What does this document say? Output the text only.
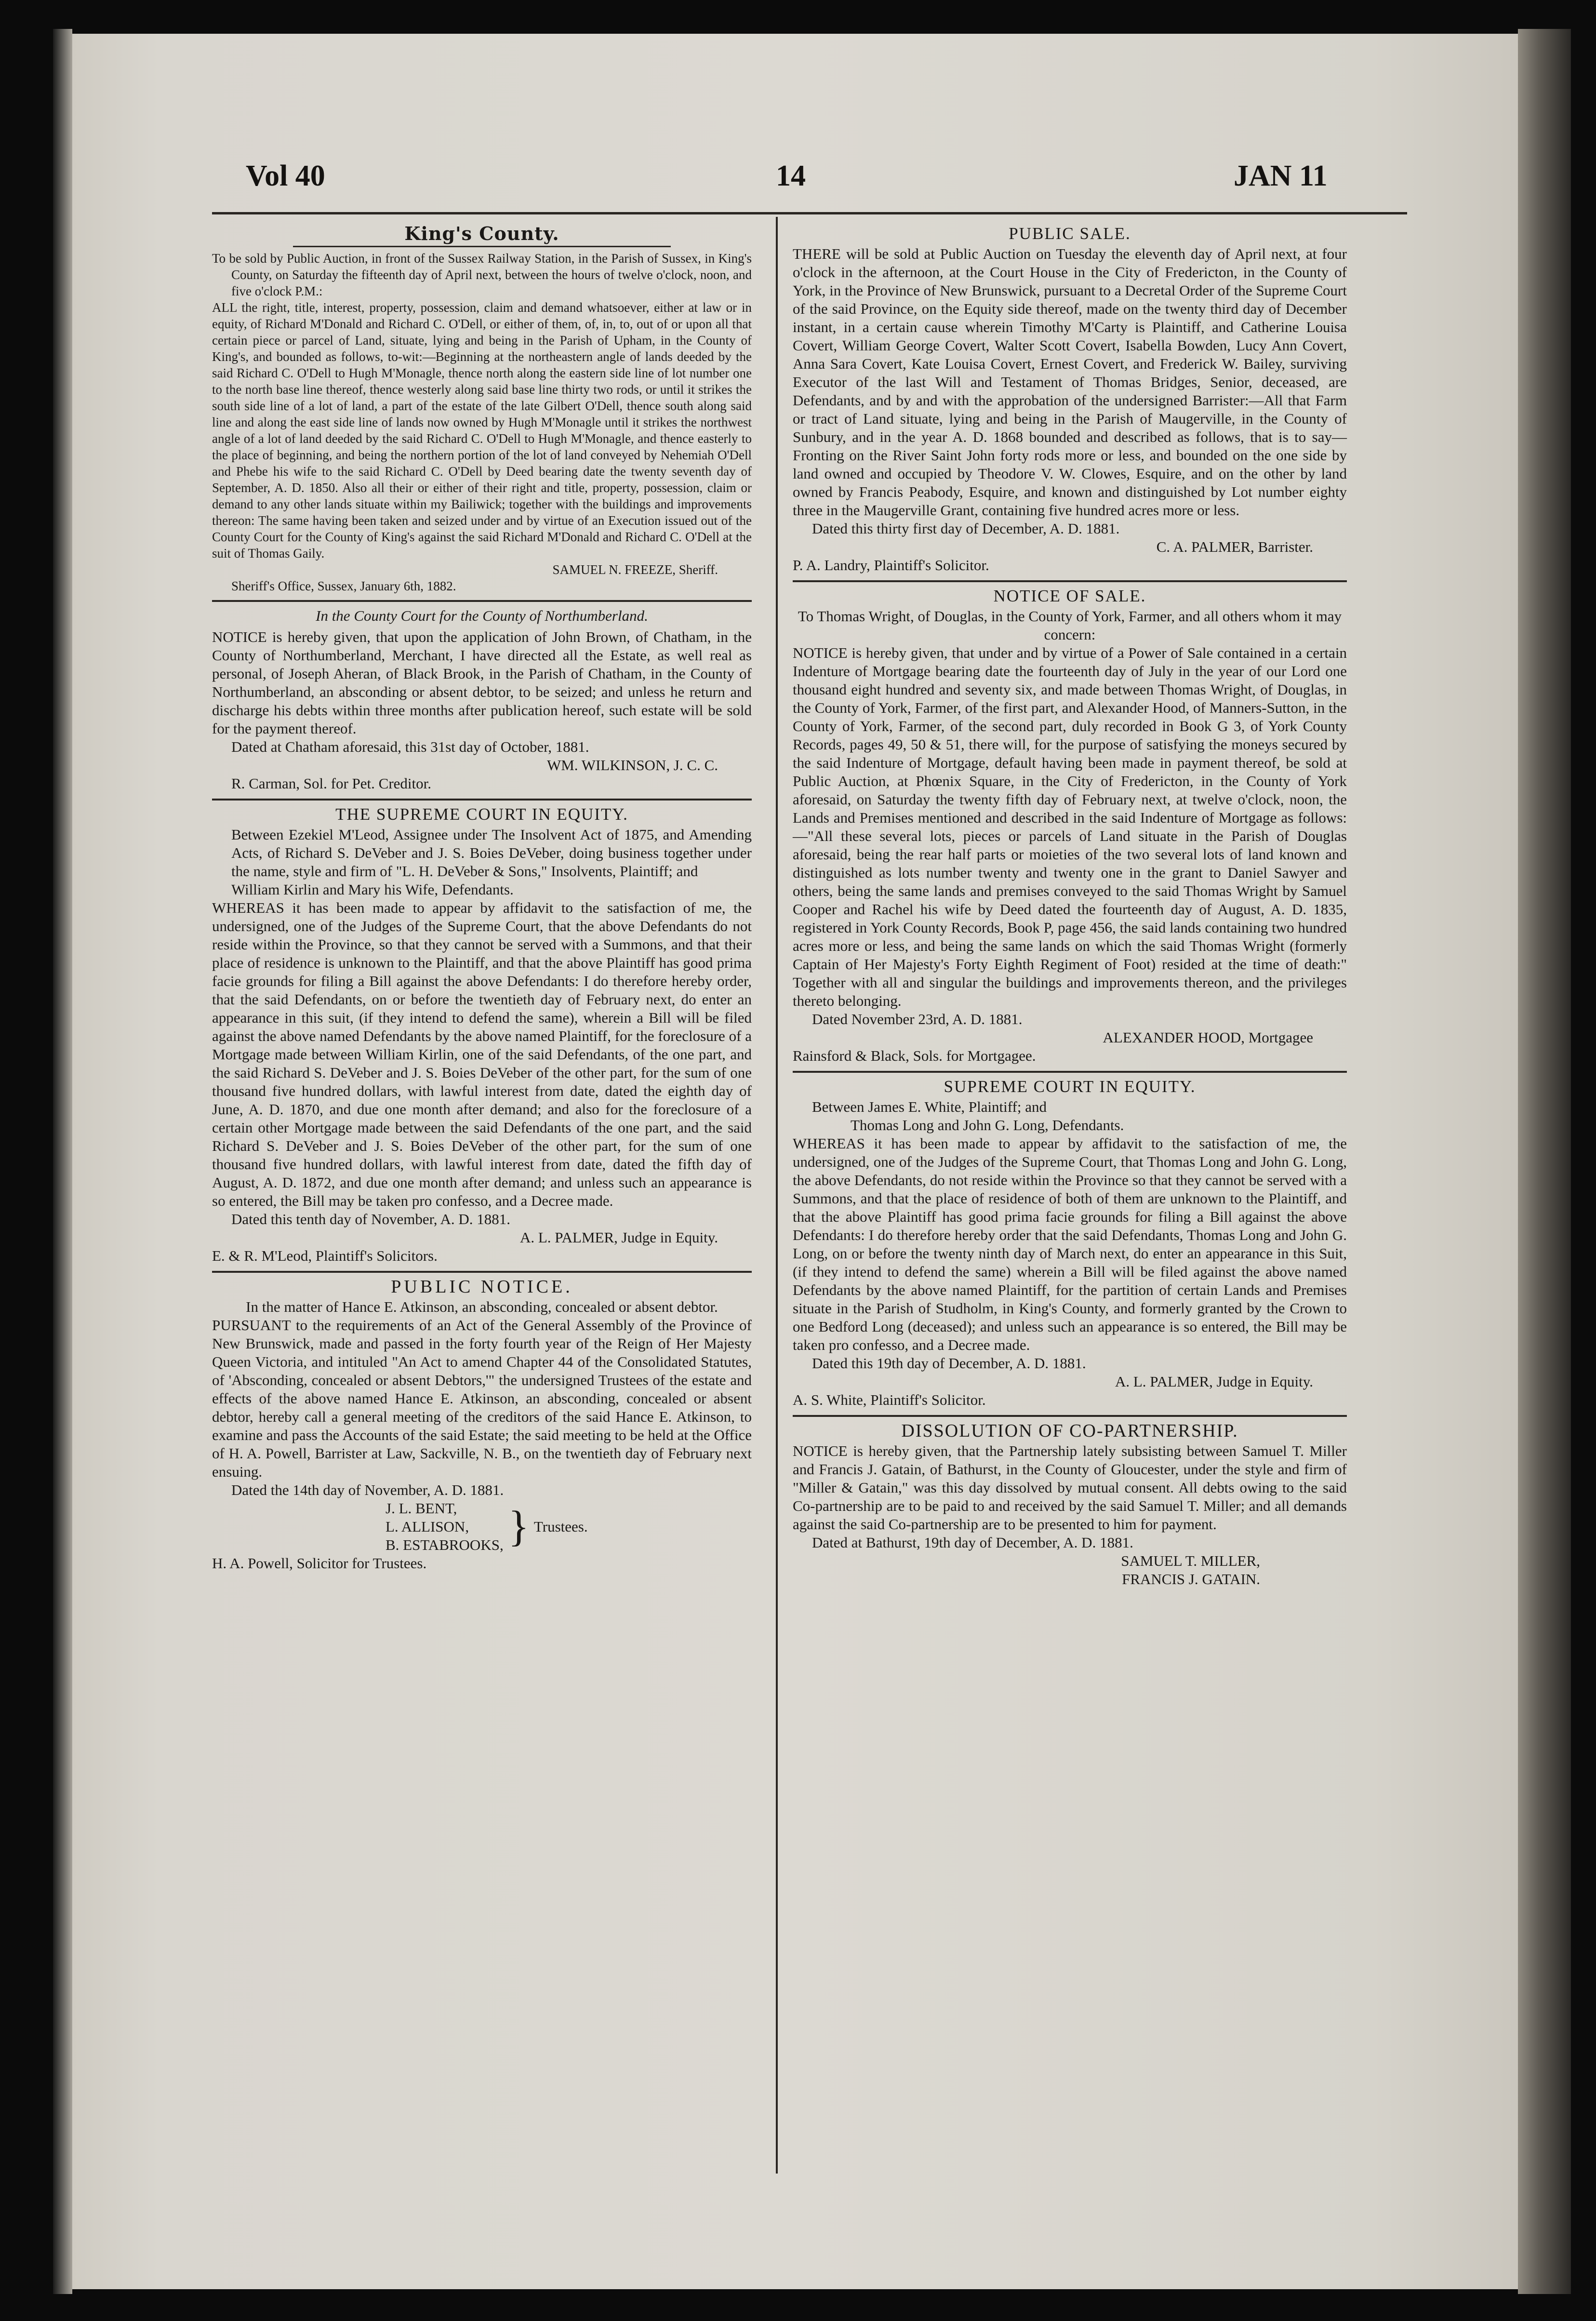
Vol 40	14	JAN 11
King's County.

To be sold by Public Auction, in front of the Sussex Railway Station, in the Parish of Sussex, in King's County, on Saturday the fifteenth day of April next, between the hours of twelve o'clock, noon, and five o'clock P.M.:

ALL the right, title, interest, property, possession, claim and demand whatsoever, either at law or in equity, of Richard M'Donald and Richard C. O'Dell, or either of them, of, in, to, out of or upon all that certain piece or parcel of Land, situate, lying and being in the Parish of Upham, in the County of King's, and bounded as follows, to-wit:—Beginning at the northeastern angle of lands deeded by the said Richard C. O'Dell to Hugh M'Monagle, thence north along the eastern side line of lot number one to the north base line thereof, thence westerly along said base line thirty two rods, or until it strikes the south side line of a lot of land, a part of the estate of the late Gilbert O'Dell, thence south along said line and along the east side line of lands now owned by Hugh M'Monagle until it strikes the northwest angle of a lot of land deeded by the said Richard C. O'Dell to Hugh M'Monagle, and thence easterly to the place of beginning, and being the northern portion of the lot of land conveyed by Nehemiah O'Dell and Phebe his wife to the said Richard C. O'Dell by Deed bearing date the twenty seventh day of September, A. D. 1850. Also all their or either of their right and title, property, possession, claim or demand to any other lands situate within my Bailiwick; together with the buildings and improvements thereon: The same having been taken and seized under and by virtue of an Execution issued out of the County Court for the County of King's against the said Richard M'Donald and Richard C. O'Dell at the suit of Thomas Gaily.

SAMUEL N. FREEZE, Sheriff.

Sheriff's Office, Sussex, January 6th, 1882.

In the County Court for the County of Northumberland.

NOTICE is hereby given, that upon the application of John Brown, of Chatham, in the County of Northumberland, Merchant, I have directed all the Estate, as well real as personal, of Joseph Aheran, of Black Brook, in the Parish of Chatham, in the County of Northumberland, an absconding or absent debtor, to be seized; and unless he return and discharge his debts within three months after publication hereof, such estate will be sold for the payment thereof.

Dated at Chatham aforesaid, this 31st day of October, 1881.

WM. WILKINSON, J. C. C.

R. Carman, Sol. for Pet. Creditor.

THE SUPREME COURT IN EQUITY.

Between Ezekiel M'Leod, Assignee under The Insolvent Act of 1875, and Amending Acts, of Richard S. DeVeber and J. S. Boies DeVeber, doing business together under the name, style and firm of "L. H. DeVeber & Sons," Insolvents, Plaintiff; and

William Kirlin and Mary his Wife, Defendants.

WHEREAS it has been made to appear by affidavit to the satisfaction of me, the undersigned, one of the Judges of the Supreme Court, that the above Defendants do not reside within the Province, so that they cannot be served with a Summons, and that their place of residence is unknown to the Plaintiff, and that the above Plaintiff has good prima facie grounds for filing a Bill against the above Defendants: I do therefore hereby order, that the said Defendants, on or before the twentieth day of February next, do enter an appearance in this suit, (if they intend to defend the same), wherein a Bill will be filed against the above named Defendants by the above named Plaintiff, for the foreclosure of a Mortgage made between William Kirlin, one of the said Defendants, of the one part, and the said Richard S. DeVeber and J. S. Boies DeVeber of the other part, for the sum of one thousand five hundred dollars, with lawful interest from date, dated the eighth day of June, A. D. 1870, and due one month after demand; and also for the foreclosure of a certain other Mortgage made between the said Defendants of the one part, and the said Richard S. DeVeber and J. S. Boies DeVeber of the other part, for the sum of one thousand five hundred dollars, with lawful interest from date, dated the fifth day of August, A. D. 1872, and due one month after demand; and unless such an appearance is so entered, the Bill may be taken pro confesso, and a Decree made.

Dated this tenth day of November, A. D. 1881.

A. L. PALMER, Judge in Equity.

E. & R. M'Leod, Plaintiff's Solicitors.

PUBLIC NOTICE.

In the matter of Hance E. Atkinson, an absconding, concealed or absent debtor.

PURSUANT to the requirements of an Act of the General Assembly of the Province of New Brunswick, made and passed in the forty fourth year of the Reign of Her Majesty Queen Victoria, and intituled "An Act to amend Chapter 44 of the Consolidated Statutes, of 'Absconding, concealed or absent Debtors,'" the undersigned Trustees of the estate and effects of the above named Hance E. Atkinson, an absconding, concealed or absent debtor, hereby call a general meeting of the creditors of the said Hance E. Atkinson, to examine and pass the Accounts of the said Estate; the said meeting to be held at the Office of H. A. Powell, Barrister at Law, Sackville, N. B., on the twentieth day of February next ensuing.

Dated the 14th day of November, A. D. 1881.

J. L. BENT,
L. ALLISON,
B. ESTABROOKS, } Trustees.

H. A. Powell, Solicitor for Trustees.

PUBLIC SALE.

THERE will be sold at Public Auction on Tuesday the eleventh day of April next, at four o'clock in the afternoon, at the Court House in the City of Fredericton, in the County of York, in the Province of New Brunswick, pursuant to a Decretal Order of the Supreme Court of the said Province, on the Equity side thereof, made on the twenty third day of December instant, in a certain cause wherein Timothy M'Carty is Plaintiff, and Catherine Louisa Covert, William George Covert, Walter Scott Covert, Isabella Bowden, Lucy Ann Covert, Anna Sara Covert, Kate Louisa Covert, Ernest Covert, and Frederick W. Bailey, surviving Executor of the last Will and Testament of Thomas Bridges, Senior, deceased, are Defendants, and by and with the approbation of the undersigned Barrister:—All that Farm or tract of Land situate, lying and being in the Parish of Maugerville, in the County of Sunbury, and in the year A. D. 1868 bounded and described as follows, that is to say—Fronting on the River Saint John forty rods more or less, and bounded on the one side by land owned and occupied by Theodore V. W. Clowes, Esquire, and on the other by land owned by Francis Peabody, Esquire, and known and distinguished by Lot number eighty three in the Maugerville Grant, containing five hundred acres more or less.

Dated this thirty first day of December, A. D. 1881.

C. A. PALMER, Barrister.

P. A. Landry, Plaintiff's Solicitor.

NOTICE OF SALE.

To Thomas Wright, of Douglas, in the County of York, Farmer, and all others whom it may concern:

NOTICE is hereby given, that under and by virtue of a Power of Sale contained in a certain Indenture of Mortgage bearing date the fourteenth day of July in the year of our Lord one thousand eight hundred and seventy six, and made between Thomas Wright, of Douglas, in the County of York, Farmer, of the first part, and Alexander Hood, of Manners-Sutton, in the County of York, Farmer, of the second part, duly recorded in Book G 3, of York County Records, pages 49, 50 & 51, there will, for the purpose of satisfying the moneys secured by the said Indenture of Mortgage, default having been made in payment thereof, be sold at Public Auction, at Phœnix Square, in the City of Fredericton, in the County of York aforesaid, on Saturday the twenty fifth day of February next, at twelve o'clock, noon, the Lands and Premises mentioned and described in the said Indenture of Mortgage as follows:—"All these several lots, pieces or parcels of Land situate in the Parish of Douglas aforesaid, being the rear half parts or moieties of the two several lots of land known and distinguished as lots number twenty and twenty one in the grant to Daniel Sawyer and others, being the same lands and premises conveyed to the said Thomas Wright by Samuel Cooper and Rachel his wife by Deed dated the fourteenth day of August, A. D. 1835, registered in York County Records, Book P, page 456, the said lands containing two hundred acres more or less, and being the same lands on which the said Thomas Wright (formerly Captain of Her Majesty's Forty Eighth Regiment of Foot) resided at the time of death:" Together with all and singular the buildings and improvements thereon, and the privileges thereto belonging.

Dated November 23rd, A. D. 1881.

ALEXANDER HOOD, Mortgagee

Rainsford & Black, Sols. for Mortgagee.

SUPREME COURT IN EQUITY.

Between James E. White, Plaintiff; and

Thomas Long and John G. Long, Defendants.

WHEREAS it has been made to appear by affidavit to the satisfaction of me, the undersigned, one of the Judges of the Supreme Court, that Thomas Long and John G. Long, the above Defendants, do not reside within the Province so that they cannot be served with a Summons, and that the place of residence of both of them are unknown to the Plaintiff, and that the above Plaintiff has good prima facie grounds for filing a Bill against the above Defendants: I do therefore hereby order that the said Defendants, Thomas Long and John G. Long, on or before the twenty ninth day of March next, do enter an appearance in this Suit, (if they intend to defend the same) wherein a Bill will be filed against the above named Defendants by the above named Plaintiff, for the partition of certain Lands and Premises situate in the Parish of Studholm, in King's County, and formerly granted by the Crown to one Bedford Long (deceased); and unless such an appearance is so entered, the Bill may be taken pro confesso, and a Decree made.

Dated this 19th day of December, A. D. 1881.

A. L. PALMER, Judge in Equity.

A. S. White, Plaintiff's Solicitor.

DISSOLUTION OF CO-PARTNERSHIP.

NOTICE is hereby given, that the Partnership lately subsisting between Samuel T. Miller and Francis J. Gatain, of Bathurst, in the County of Gloucester, under the style and firm of "Miller & Gatain," was this day dissolved by mutual consent. All debts owing to the said Co-partnership are to be paid to and received by the said Samuel T. Miller; and all demands against the said Co-partnership are to be presented to him for payment.

Dated at Bathurst, 19th day of December, A. D. 1881.

SAMUEL T. MILLER,

FRANCIS J. GATAIN.
